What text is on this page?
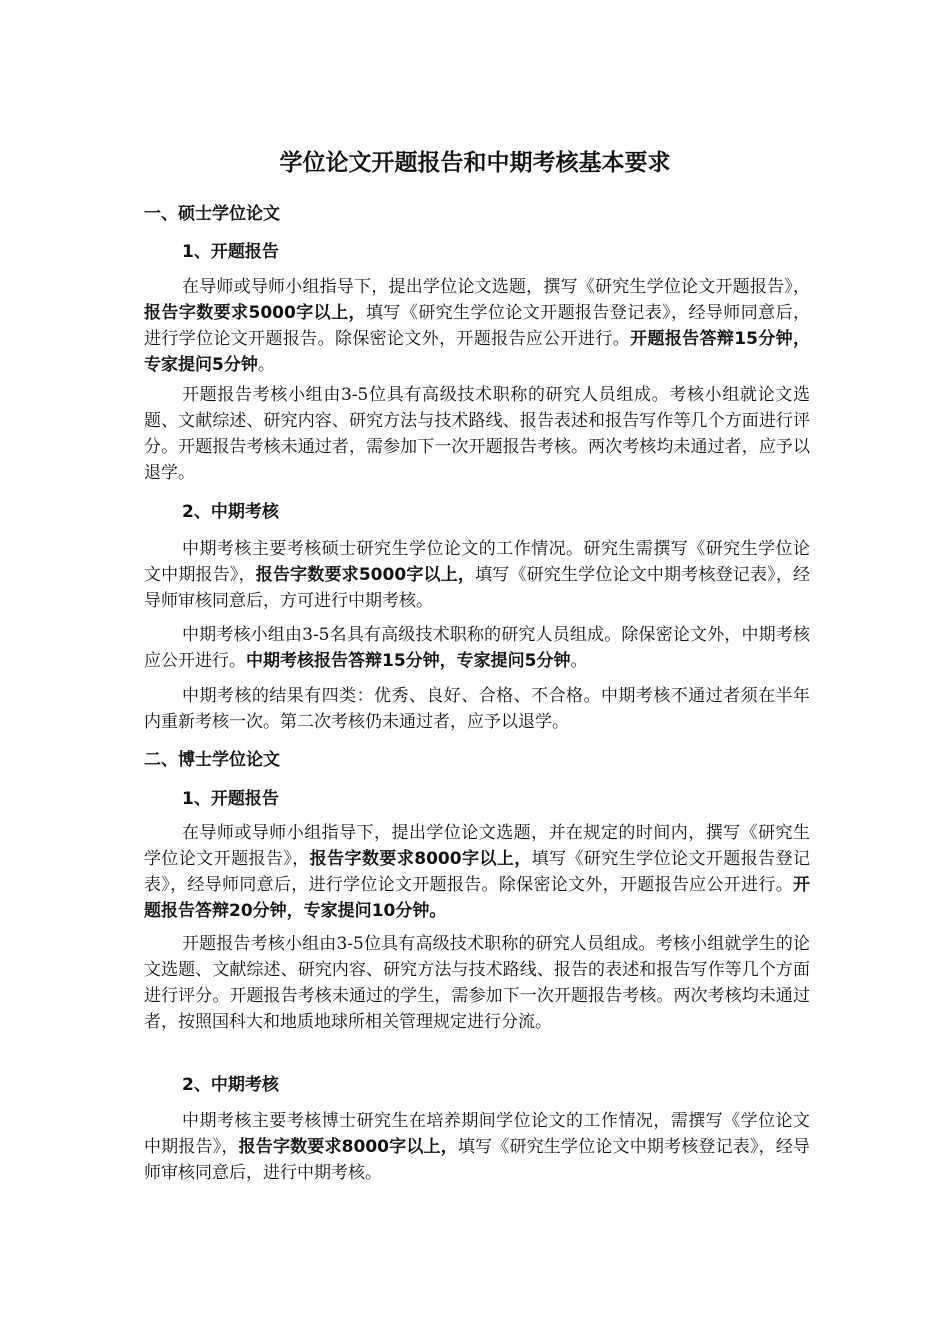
学位论文开题报告和中期考核基本要求
一、硕士学位论文
1、开题报告

在导师或导师小组指导下，提出学位论文选题，撰写《研究生学位论文开题报告》，报告字数要求5000字以上，填写《研究生学位论文开题报告登记表》，经导师同意后，进行学位论文开题报告。除保密论文外，开题报告应公开进行。开题报告答辩15分钟，专家提问5分钟。

开题报告考核小组由3-5位具有高级技术职称的研究人员组成。考核小组就论文选题、文献综述、研究内容、研究方法与技术路线、报告表述和报告写作等几个方面进行评分。开题报告考核未通过者，需参加下一次开题报告考核。两次考核均未通过者，应予以退学。

2、中期考核

中期考核主要考核硕士研究生学位论文的工作情况。研究生需撰写《研究生学位论文中期报告》，报告字数要求5000字以上，填写《研究生学位论文中期考核登记表》，经导师审核同意后，方可进行中期考核。

中期考核小组由3-5名具有高级技术职称的研究人员组成。除保密论文外，中期考核应公开进行。中期考核报告答辩15分钟，专家提问5分钟。

中期考核的结果有四类：优秀、良好、合格、不合格。中期考核不通过者须在半年内重新考核一次。第二次考核仍未通过者，应予以退学。

二、博士学位论文
1、开题报告

在导师或导师小组指导下，提出学位论文选题，并在规定的时间内，撰写《研究生学位论文开题报告》，报告字数要求8000字以上，填写《研究生学位论文开题报告登记表》，经导师同意后，进行学位论文开题报告。除保密论文外，开题报告应公开进行。开题报告答辩20分钟，专家提问10分钟。

开题报告考核小组由3-5位具有高级技术职称的研究人员组成。考核小组就学生的论文选题、文献综述、研究内容、研究方法与技术路线、报告的表述和报告写作等几个方面进行评分。开题报告考核未通过的学生，需参加下一次开题报告考核。两次考核均未通过者，按照国科大和地质地球所相关管理规定进行分流。

2、中期考核

中期考核主要考核博士研究生在培养期间学位论文的工作情况，需撰写《学位论文中期报告》，报告字数要求8000字以上，填写《研究生学位论文中期考核登记表》，经导师审核同意后，进行中期考核。
